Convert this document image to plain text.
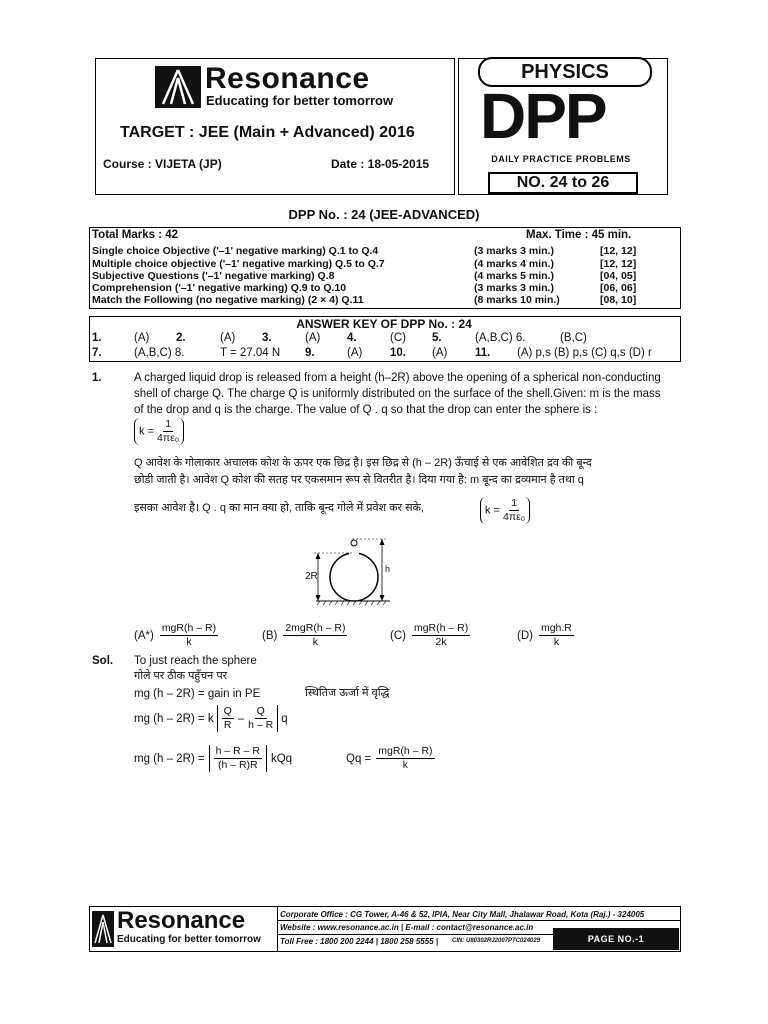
Resonance
Educating for better tomorrow
TARGET : JEE (Main + Advanced) 2016
Course : VIJETA (JP)	Date : 18-05-2015
PHYSICS
DPP
DAILY PRACTICE PROBLEMS
NO. 24 to 26
DPP No. : 24 (JEE-ADVANCED)
Total Marks : 42	Max. Time : 45 min.
Single choice Objective ('–1' negative marking) Q.1 to Q.4	(3 marks 3 min.)	[12, 12]
Multiple choice objective ('–1' negative marking) Q.5 to Q.7	(4 marks 4 min.)	[12, 12]
Subjective Questions ('–1' negative marking) Q.8	(4 marks 5 min.)	[04, 05]
Comprehension ('–1' negative marking) Q.9 to Q.10	(3 marks 3 min.)	[06, 06]
Match the Following (no negative marking) (2 × 4) Q.11	(8 marks 10 min.)	[08, 10]
ANSWER KEY OF DPP No. : 24
1.	(A) 2.	(A) 3.	(A) 4.	(C) 5.	(A,B,C) 6.	(B,C)
7.	(A,B,C) 8.	T = 27.04 N 9.	(A) 10. (A) 11. (A) p,s (B) p,s (C) q,s (D) r
1.	A charged liquid drop is released from a height (h–2R) above the opening of a spherical non-conducting
shell of charge Q. The charge Q is uniformly distributed on the surface of the shell.Given: m is the mass
of the drop and q is the charge. The value of Q . q so that the drop can enter the sphere is :
$k = \frac{1}{\text{4πε₀}}$
Q आवेश के गोलाकार अचालक कोश के ऊपर एक छिद्र है। इस छिद्र से (h – 2R) ऊँचाई से एक आवेशित द्रव की बून्द
छोडी जाती है। आवेश Q कोश की सतह पर एकसमान रूप से वितरीत है। दिया गया है: m बून्द का द्रव्यमान है तथा q
इसका आवेश है। Q . q का मान क्या हो, ताकि बून्द गोले में प्रवेश कर सके,	$k = \frac{1}{\text{4πε₀}}$
2R
h
$(A*) \frac{\text{mgR(h – R)}}{k}$	$(B) \frac{\text{2mgR(h – R)}}{k}$	$(C) \frac{\text{mgR(h – R)}}{2k}$	$(D) \frac{\text{mgh.R}}{k}$
Sol. To just reach the sphere
गोले पर ठीक पहुँचन पर
mg (h – 2R) = gain in PE	स्थितिज ऊर्जा में वृद्धि
mg (h – 2R) = k $\frac{Q}{R} - \frac{Q}{h - R}$ q
mg $(h - 2R) = \frac{h - R - R}{(h - R)R}$ kQq	$Qq = \frac{\text{mgR(h – R)}}{k}$
Resonance
Educating for better tomorrow
Corporate Office : CG Tower, A-46 & 52, IPIA, Near City Mall, Jhalawar Road, Kota (Raj.) - 324005
Website : www.resonance.ac.in | E-mail : contact@resonance.ac.in
Toll Free : 1800 200 2244 | 1800 258 5555 | CIN: U80302RJ2007PTC024029	PAGE NO.-1
